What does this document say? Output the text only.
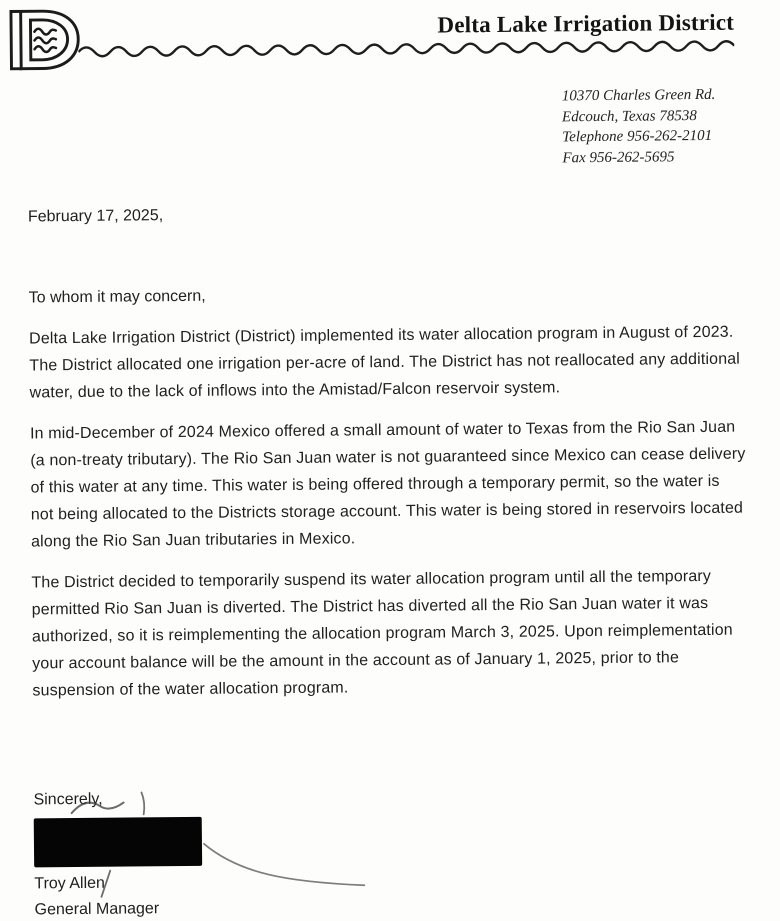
Delta Lake Irrigation District
10370 Charles Green Rd.
Edcouch, Texas 78538
Telephone 956-262-2101
Fax 956-262-5695
February 17, 2025,
To whom it may concern,

Delta Lake Irrigation District (District) implemented its water allocation program in August of 2023. The District allocated one irrigation per-acre of land. The District has not reallocated any additional water, due to the lack of inflows into the Amistad/Falcon reservoir system.

In mid-December of 2024 Mexico offered a small amount of water to Texas from the Rio San Juan (a non-treaty tributary). The Rio San Juan water is not guaranteed since Mexico can cease delivery of this water at any time. This water is being offered through a temporary permit, so the water is not being allocated to the Districts storage account. This water is being stored in reservoirs located along the Rio San Juan tributaries in Mexico.

The District decided to temporarily suspend its water allocation program until all the temporary permitted Rio San Juan is diverted. The District has diverted all the Rio San Juan water it was authorized, so it is reimplementing the allocation program March 3, 2025. Upon reimplementation your account balance will be the amount in the account as of January 1, 2025, prior to the suspension of the water allocation program.

Sincerely,
Troy Allen
General Manager
